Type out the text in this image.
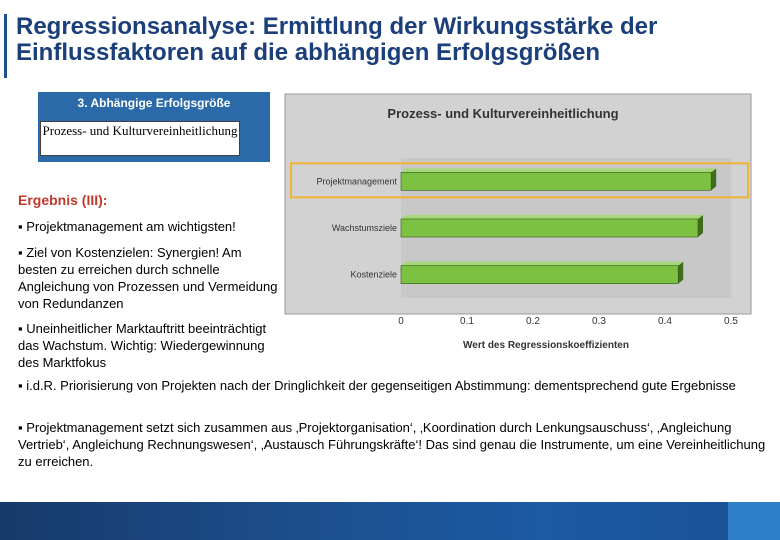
Regressionsanalyse: Ermittlung der Wirkungsstärke der Einflussfaktoren auf die abhängigen Erfolgsgrößen
3. Abhängige Erfolgsgröße
Prozess- und Kulturvereinheitlichung
Ergebnis (III):
▪ Projektmanagement am wichtigsten!
▪ Ziel von Kostenzielen: Synergien! Am besten zu erreichen durch schnelle Angleichung von Prozessen und Vermeidung von Redundanzen
▪ Uneinheitlicher Marktauftritt beeinträchtigt das Wachstum. Wichtig: Wiedergewinnung des Marktfokus
▪ i.d.R. Priorisierung von Projekten nach der Dringlichkeit der gegenseitigen Abstimmung: dementsprechend gute Ergebnisse
▪ Projektmanagement setzt sich zusammen aus ‚Projektorganisation‘, ‚Koordination durch Lenkungsauschuss‘, ‚Angleichung Vertrieb‘, Angleichung Rechnungswesen‘, ‚Austausch Führungskräfte‘! Das sind genau die Instrumente, um eine Vereinheitlichung zu erreichen.
Prozess- und Kulturvereinheitlichung
Projektmanagement
Wachstumsziele
Kostenziele
0	0.1	0.2	0.3	0.4	0.5
Wert des Regressionskoeffizienten
